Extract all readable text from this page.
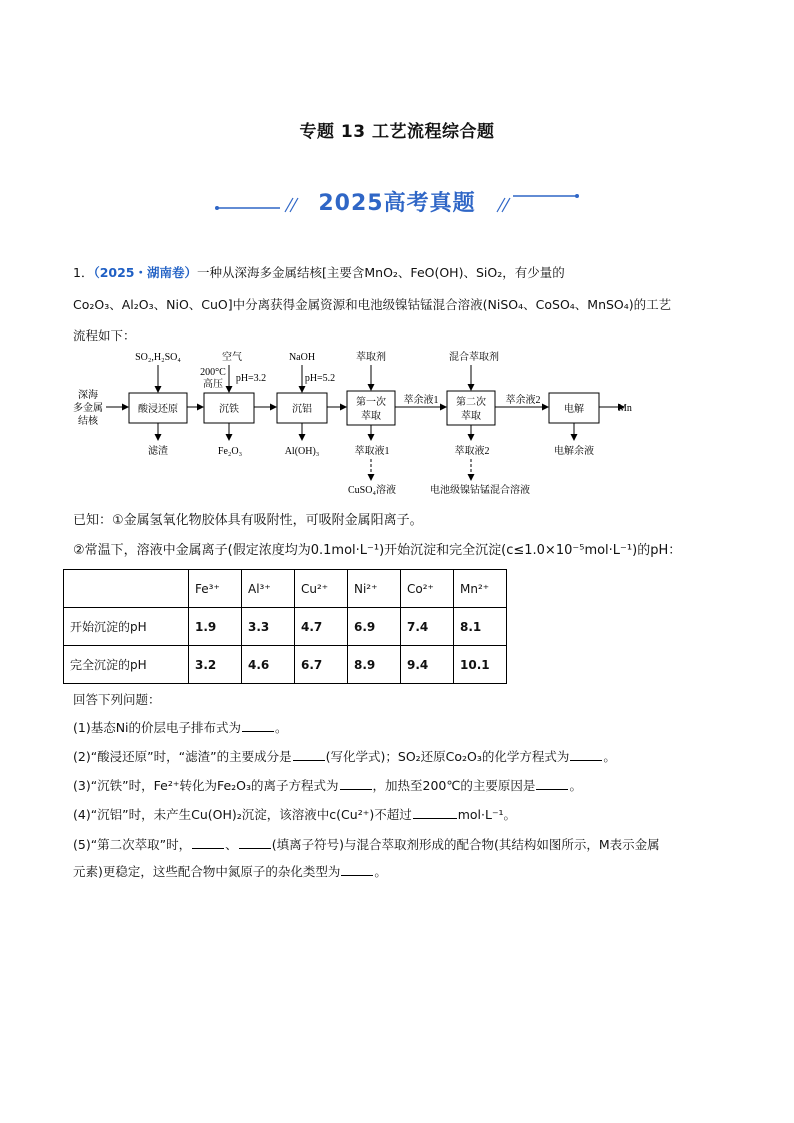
专题 13 工艺流程综合题
2025高考真题
1．（2025・湖南卷）一种从深海多金属结核[主要含MnO₂、FeO(OH)、SiO₂，有少量的
Co₂O₃、Al₂O₃、NiO、CuO]中分离获得金属资源和电池级镍钴锰混合溶液(NiSO₄、CoSO₄、MnSO₄)的工艺
流程如下：
深海
多金属
结核
酸浸还原
SO₂,H₂SO₄
滤渣
沉铁
空气
200°C
高压
pH=3.2
Fe₂O₃
沉铝
NaOH
pH=5.2
Al(OH)₃
第一次
萃取
萃取剂
萃取液1
CuSO₄溶液
萃余液1 第二次
萃取
混合萃取剂
萃取液2
电池级镍钴锰混合溶液
萃余液2
电解
电解余液
Mn
已知：①金属氢氧化物胶体具有吸附性，可吸附金属阳离子。
②常温下，溶液中金属离子(假定浓度均为0.1mol·L⁻¹)开始沉淀和完全沉淀(c≤1.0×10⁻⁵mol·L⁻¹)的pH：
	Fe³⁺	Al³⁺	Cu²⁺	Ni²⁺	Co²⁺	Mn²⁺
开始沉淀的pH	1.9	3.3	4.7	6.9	7.4	8.1
完全沉淀的pH	3.2	4.6	6.7	8.9	9.4	10.1
回答下列问题：
(1)基态Ni的价层电子排布式为	。
(2)“酸浸还原”时，“滤渣”的主要成分是	(写化学式)；SO₂还原Co₂O₃的化学方程式为	。
(3)“沉铁”时，Fe²⁺转化为Fe₂O₃的离子方程式为	，加热至200℃的主要原因是	。
(4)“沉铝”时，未产生Cu(OH)₂沉淀，该溶液中c(Cu²⁺)不超过	mol·L⁻¹。
(5)“第二次萃取”时，	、	(填离子符号)与混合萃取剂形成的配合物(其结构如图所示，M表示金属
元素)更稳定，这些配合物中氮原子的杂化类型为	。
